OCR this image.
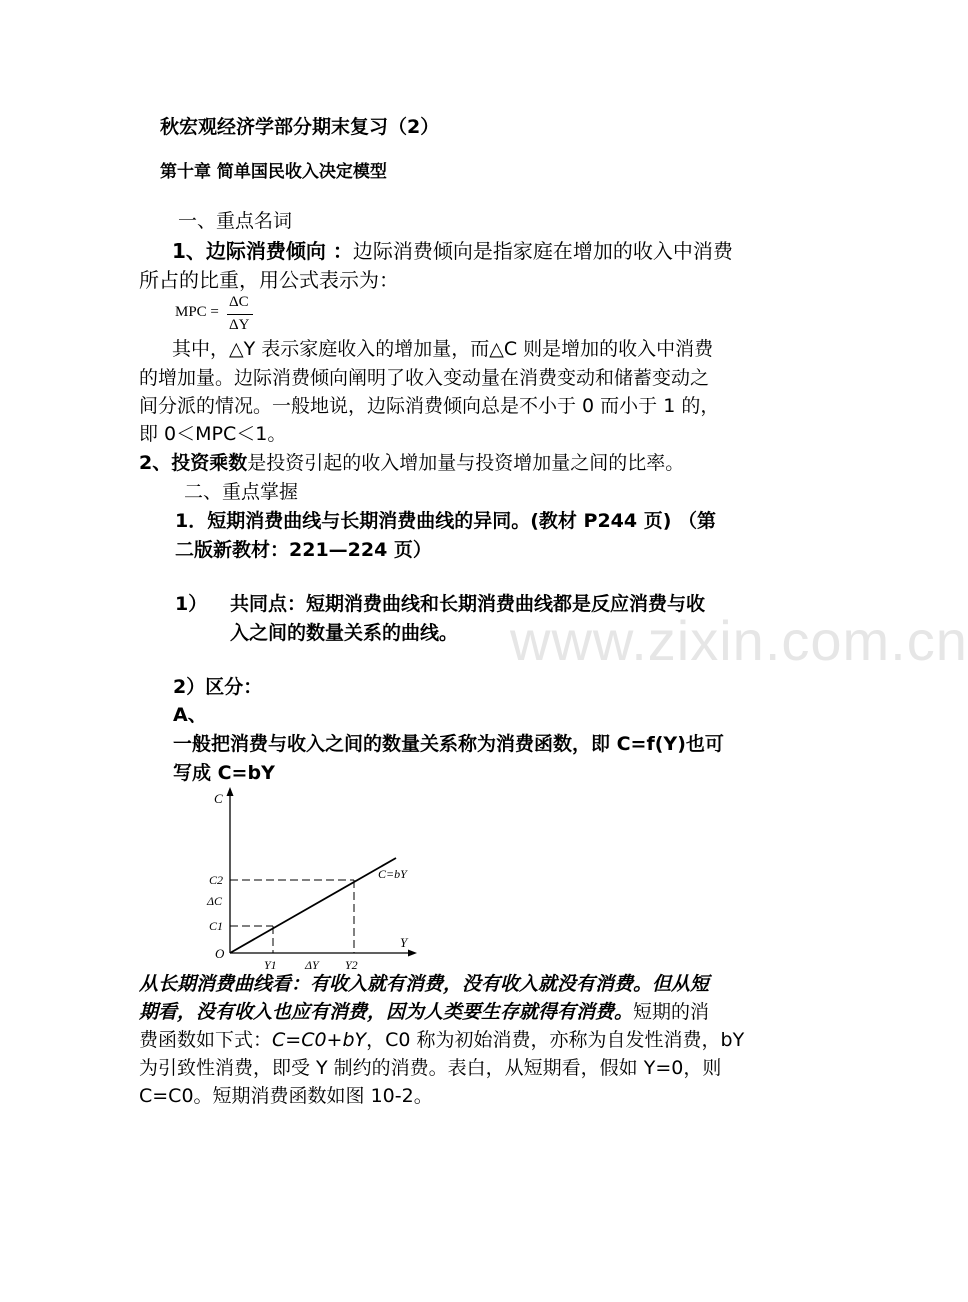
www.zixin.com.cn
秋宏观经济学部分期末复习（2）
第十章 简单国民收入决定模型
一、重点名词
1、边际消费倾向 ：边际消费倾向是指家庭在增加的收入中消费
所占的比重，用公式表示为：
MPC =
ΔC
ΔY
其中，△Y 表示家庭收入的增加量，而△C 则是增加的收入中消费
的增加量。边际消费倾向阐明了收入变动量在消费变动和储蓄变动之
间分派的情况。一般地说，边际消费倾向总是不小于 0 而小于 1 的，
即 0＜MPC＜1。
2、投资乘数是投资引起的收入增加量与投资增加量之间的比率。
二、重点掌握
1．短期消费曲线与长期消费曲线的异同。(教材 P244 页) （第
二版新教材：221—224 页）
1） 共同点：短期消费曲线和长期消费曲线都是反应消费与收
入之间的数量关系的曲线。
2）区分：
A、
一般把消费与收入之间的数量关系称为消费函数，即 C=f(Y)也可
写成 C=bY
C
Y
O
C=bY
C2
ΔC
C1
Y1 ΔY Y2
从长期消费曲线看：有收入就有消费，没有收入就没有消费。但从短
期看，没有收入也应有消费，因为人类要生存就得有消费。短期的消
费函数如下式：C=C0+bY，C0 称为初始消费，亦称为自发性消费，bY
为引致性消费，即受 Y 制约的消费。表白，从短期看，假如 Y=0，则
C=C0。短期消费函数如图 10-2。
